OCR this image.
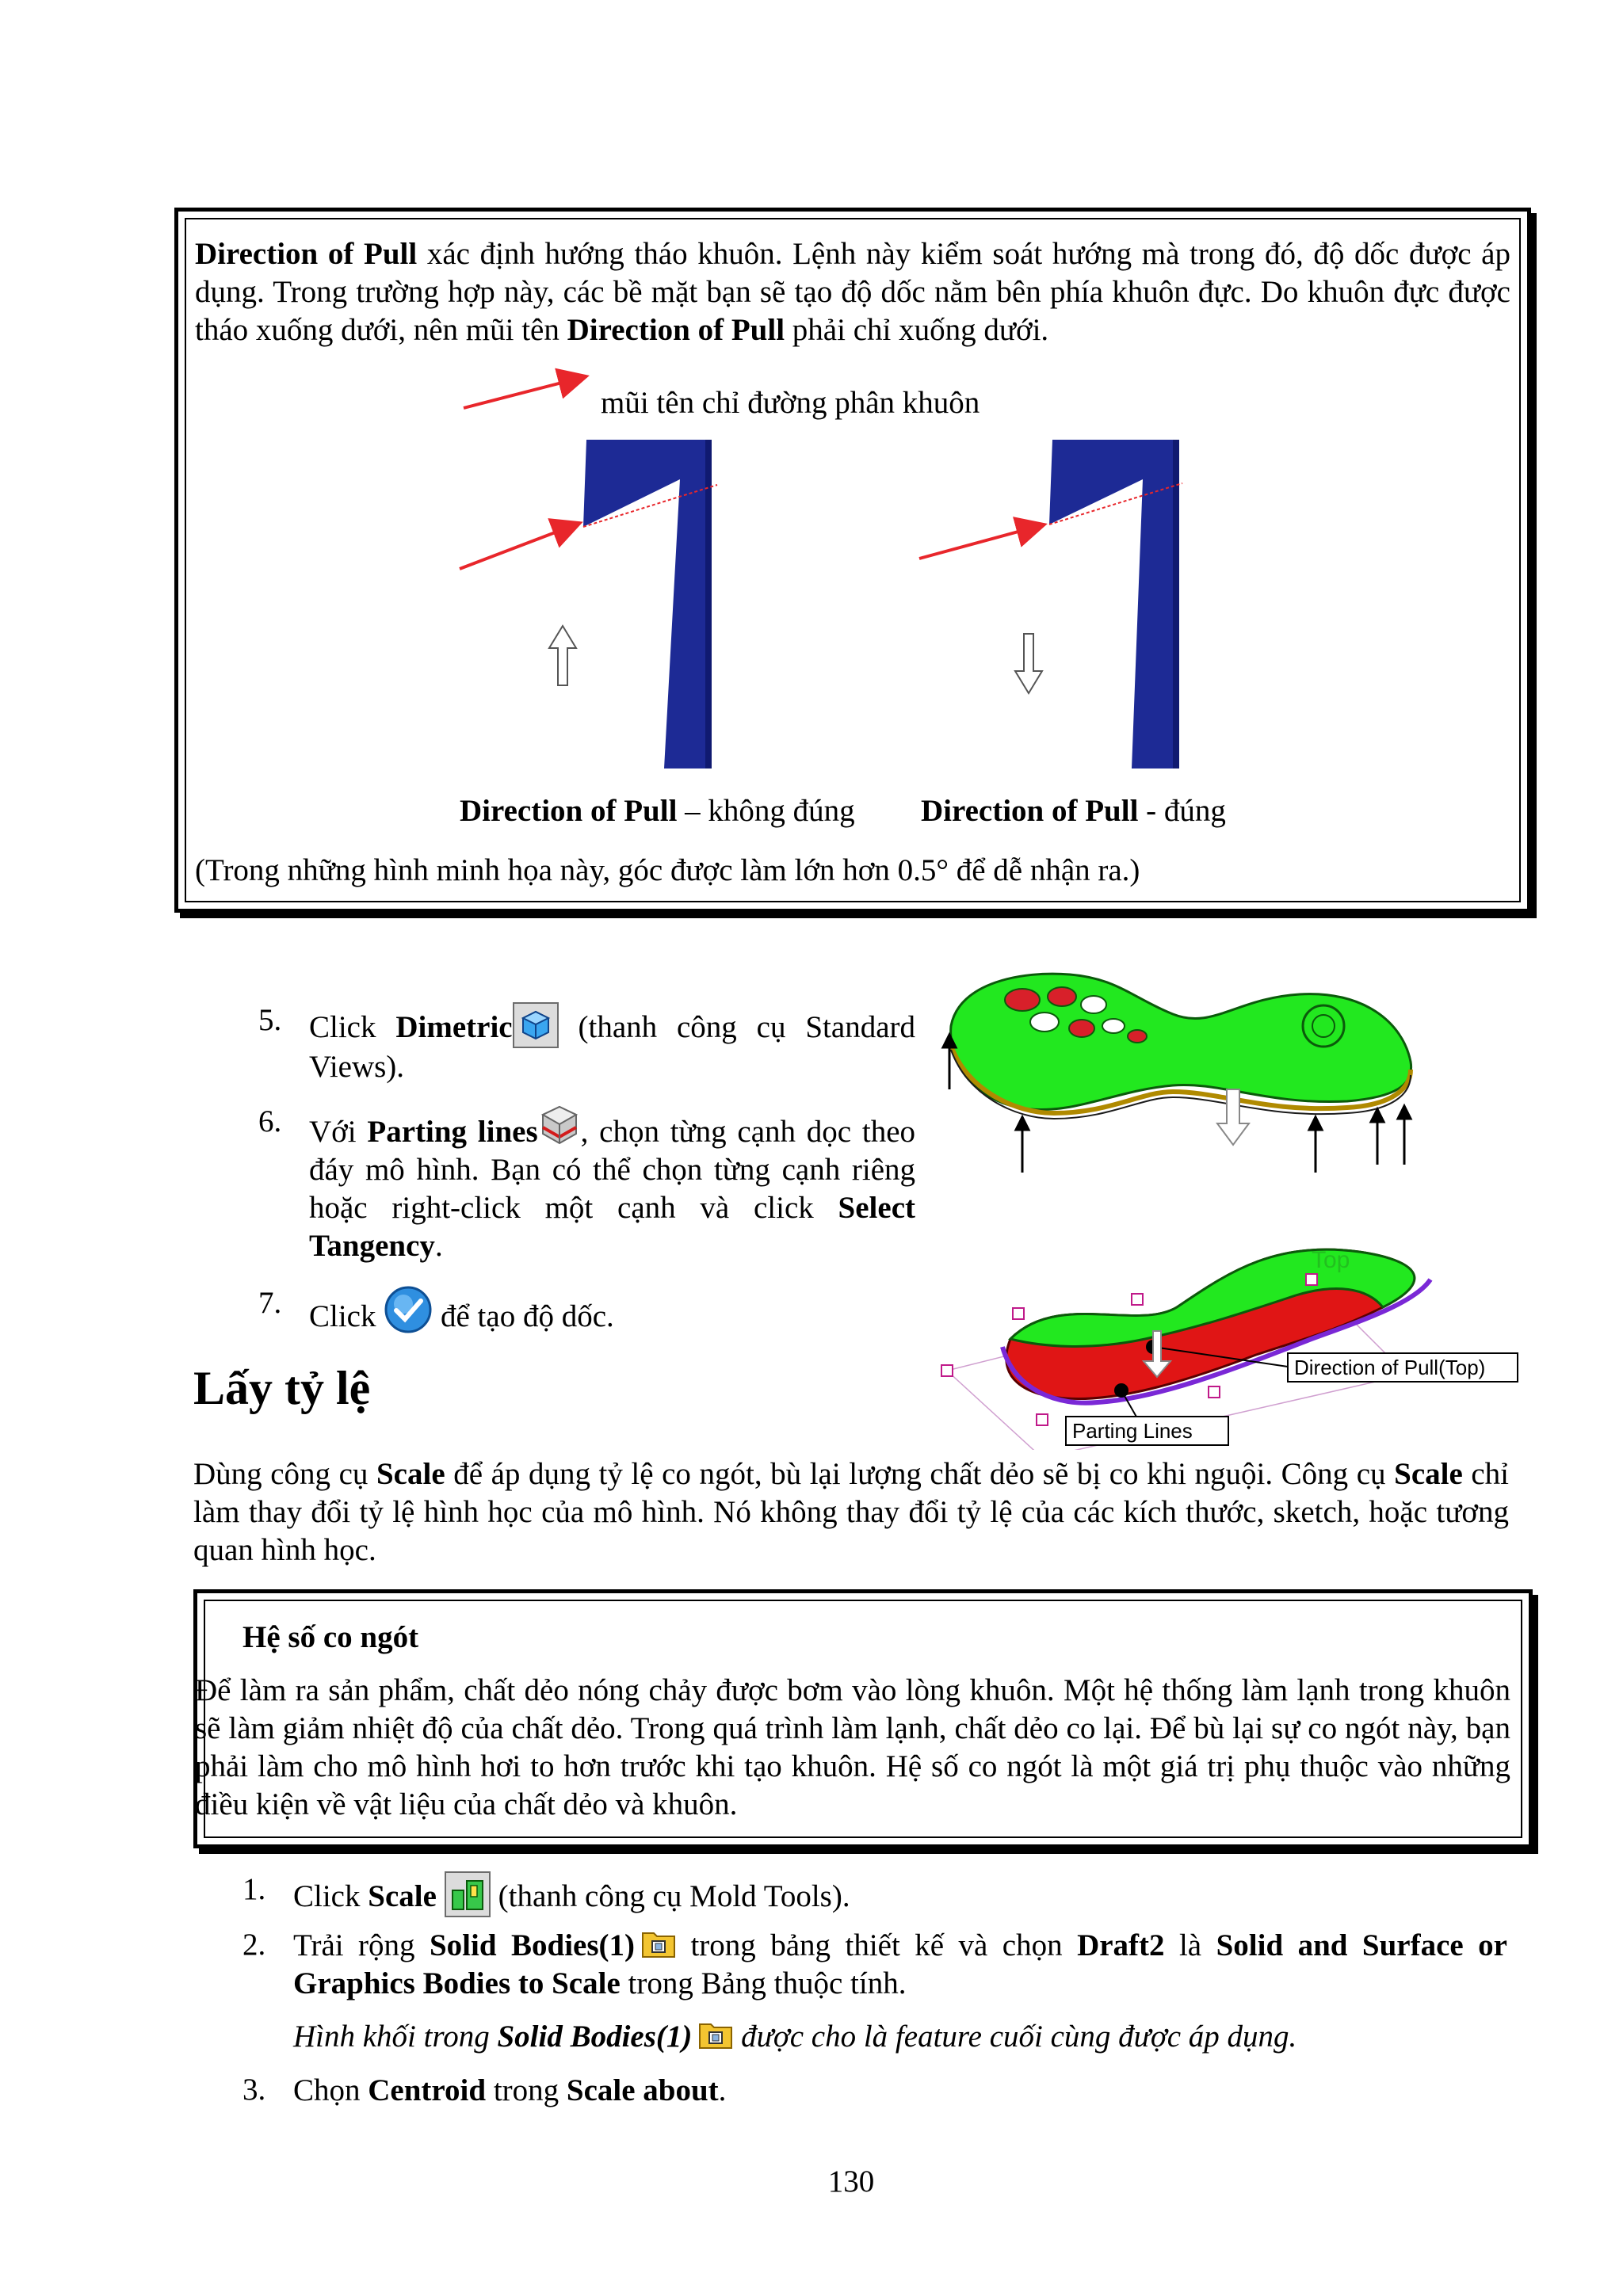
Direction of Pull xác định hướng tháo khuôn. Lệnh này kiểm soát hướng mà trong đó, độ dốc được áp dụng. Trong trường hợp này, các bề mặt bạn sẽ tạo độ dốc nằm bên phía khuôn đực. Do khuôn đực được tháo xuống dưới, nên mũi tên Direction of Pull phải chỉ xuống dưới.
mũi tên chỉ đường phân khuôn
Direction of Pull – không đúng Direction of Pull - đúng
(Trong những hình minh họa này, góc được làm lớn hơn 0.5° để dễ nhận ra.)
5. Click Dimetric (thanh công cụ Standard Views).
6. Với Parting lines , chọn từng cạnh dọc theo đáy mô hình. Bạn có thể chọn từng cạnh riêng hoặc right-click một cạnh và click Select Tangency.
7. Click  để tạo độ dốc.
Top
Direction of Pull(Top)
Parting Lines
Lấy tỷ lệ
Dùng công cụ Scale để áp dụng tỷ lệ co ngót, bù lại lượng chất dẻo sẽ bị co khi nguội. Công cụ Scale chỉ làm thay đổi tỷ lệ hình học của mô hình. Nó không thay đổi tỷ lệ của các kích thước, sketch, hoặc tương quan hình học.
Hệ số co ngót
Để làm ra sản phẩm, chất dẻo nóng chảy được bơm vào lòng khuôn. Một hệ thống làm lạnh trong khuôn sẽ làm giảm nhiệt độ của chất dẻo. Trong quá trình làm lạnh, chất dẻo co lại. Để bù lại sự co ngót này, bạn phải làm cho mô hình hơi to hơn trước khi tạo khuôn. Hệ số co ngót là một giá trị phụ thuộc vào những điều kiện về vật liệu của chất dẻo và khuôn.
1. Click Scale (thanh công cụ Mold Tools).
2. Trải rộng Solid Bodies(1) trong bảng thiết kế và chọn Draft2 là Solid and Surface or Graphics Bodies to Scale trong Bảng thuộc tính.
Hình khối trong Solid Bodies(1) được cho là feature cuối cùng được áp dụng.
3. Chọn Centroid trong Scale about.
130
